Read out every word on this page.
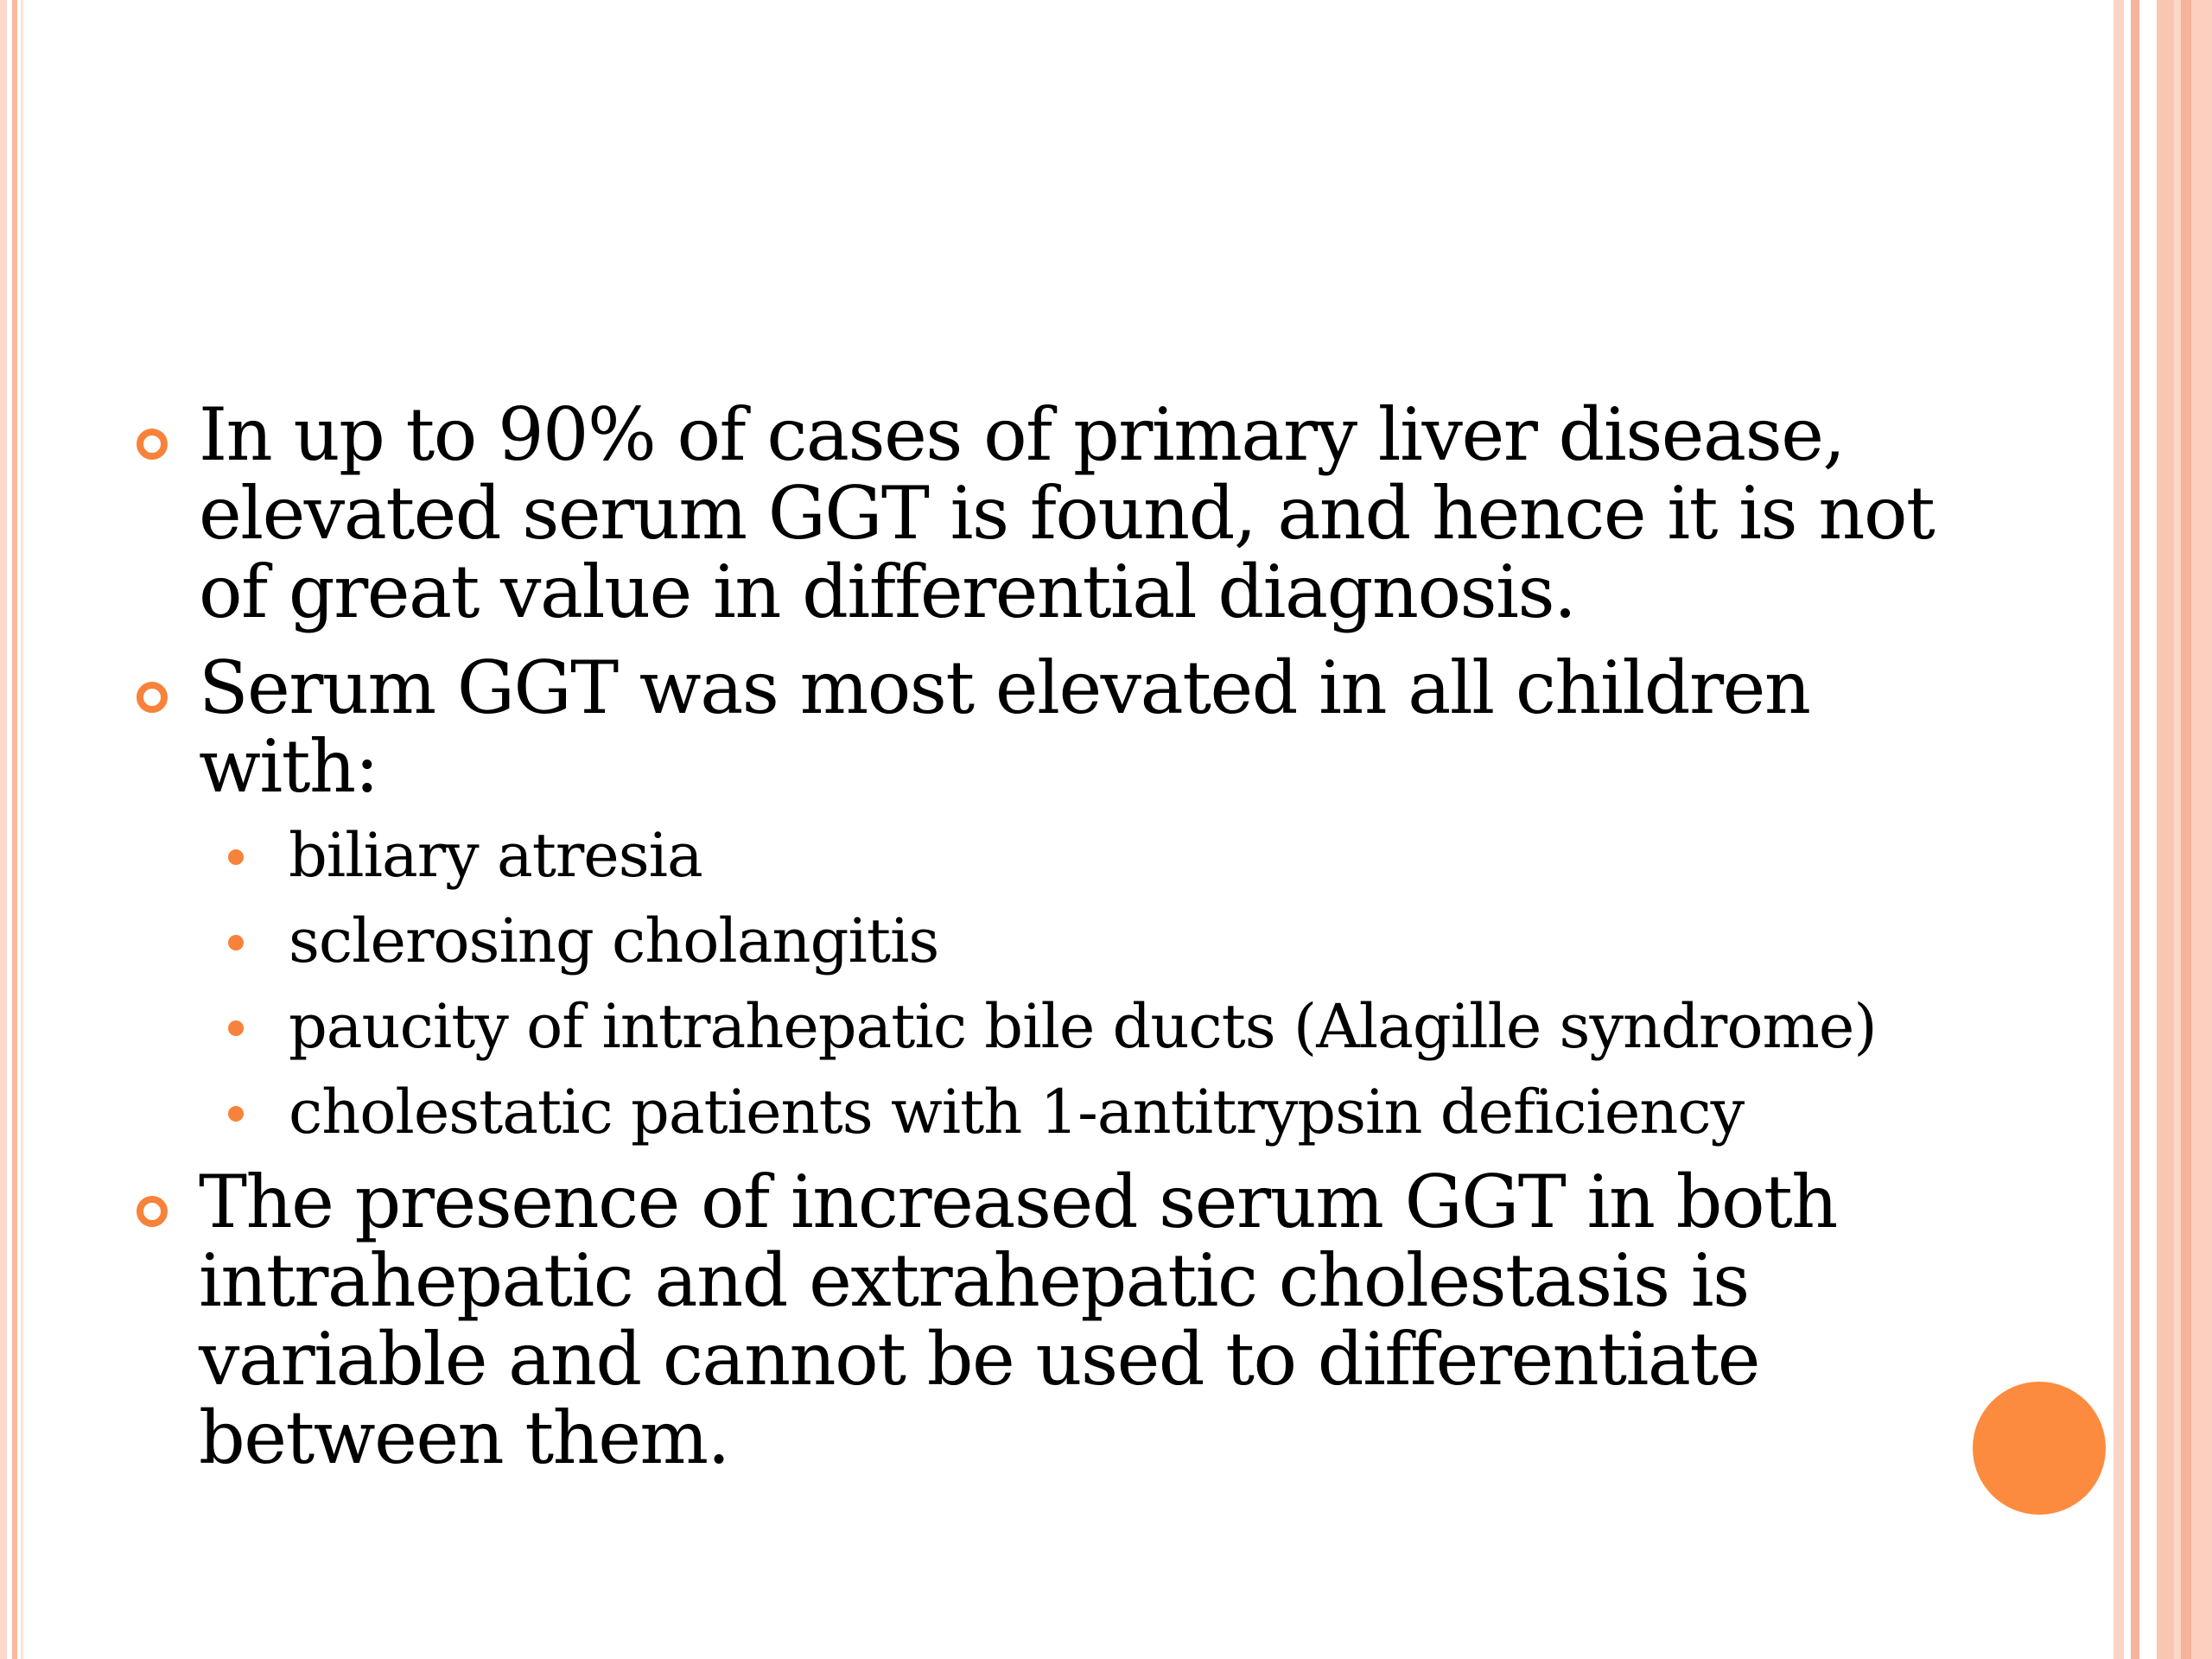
In up to 90% of cases of primary liver disease, elevated serum GGT is found, and hence it is not of great value in differential diagnosis.
Serum GGT was most elevated in all children with:
biliary atresia
sclerosing cholangitis
paucity of intrahepatic bile ducts (Alagille syndrome)
cholestatic patients with 1-antitrypsin deficiency
The presence of increased serum GGT in both intrahepatic and extrahepatic cholestasis is variable and cannot be used to differentiate between them.
